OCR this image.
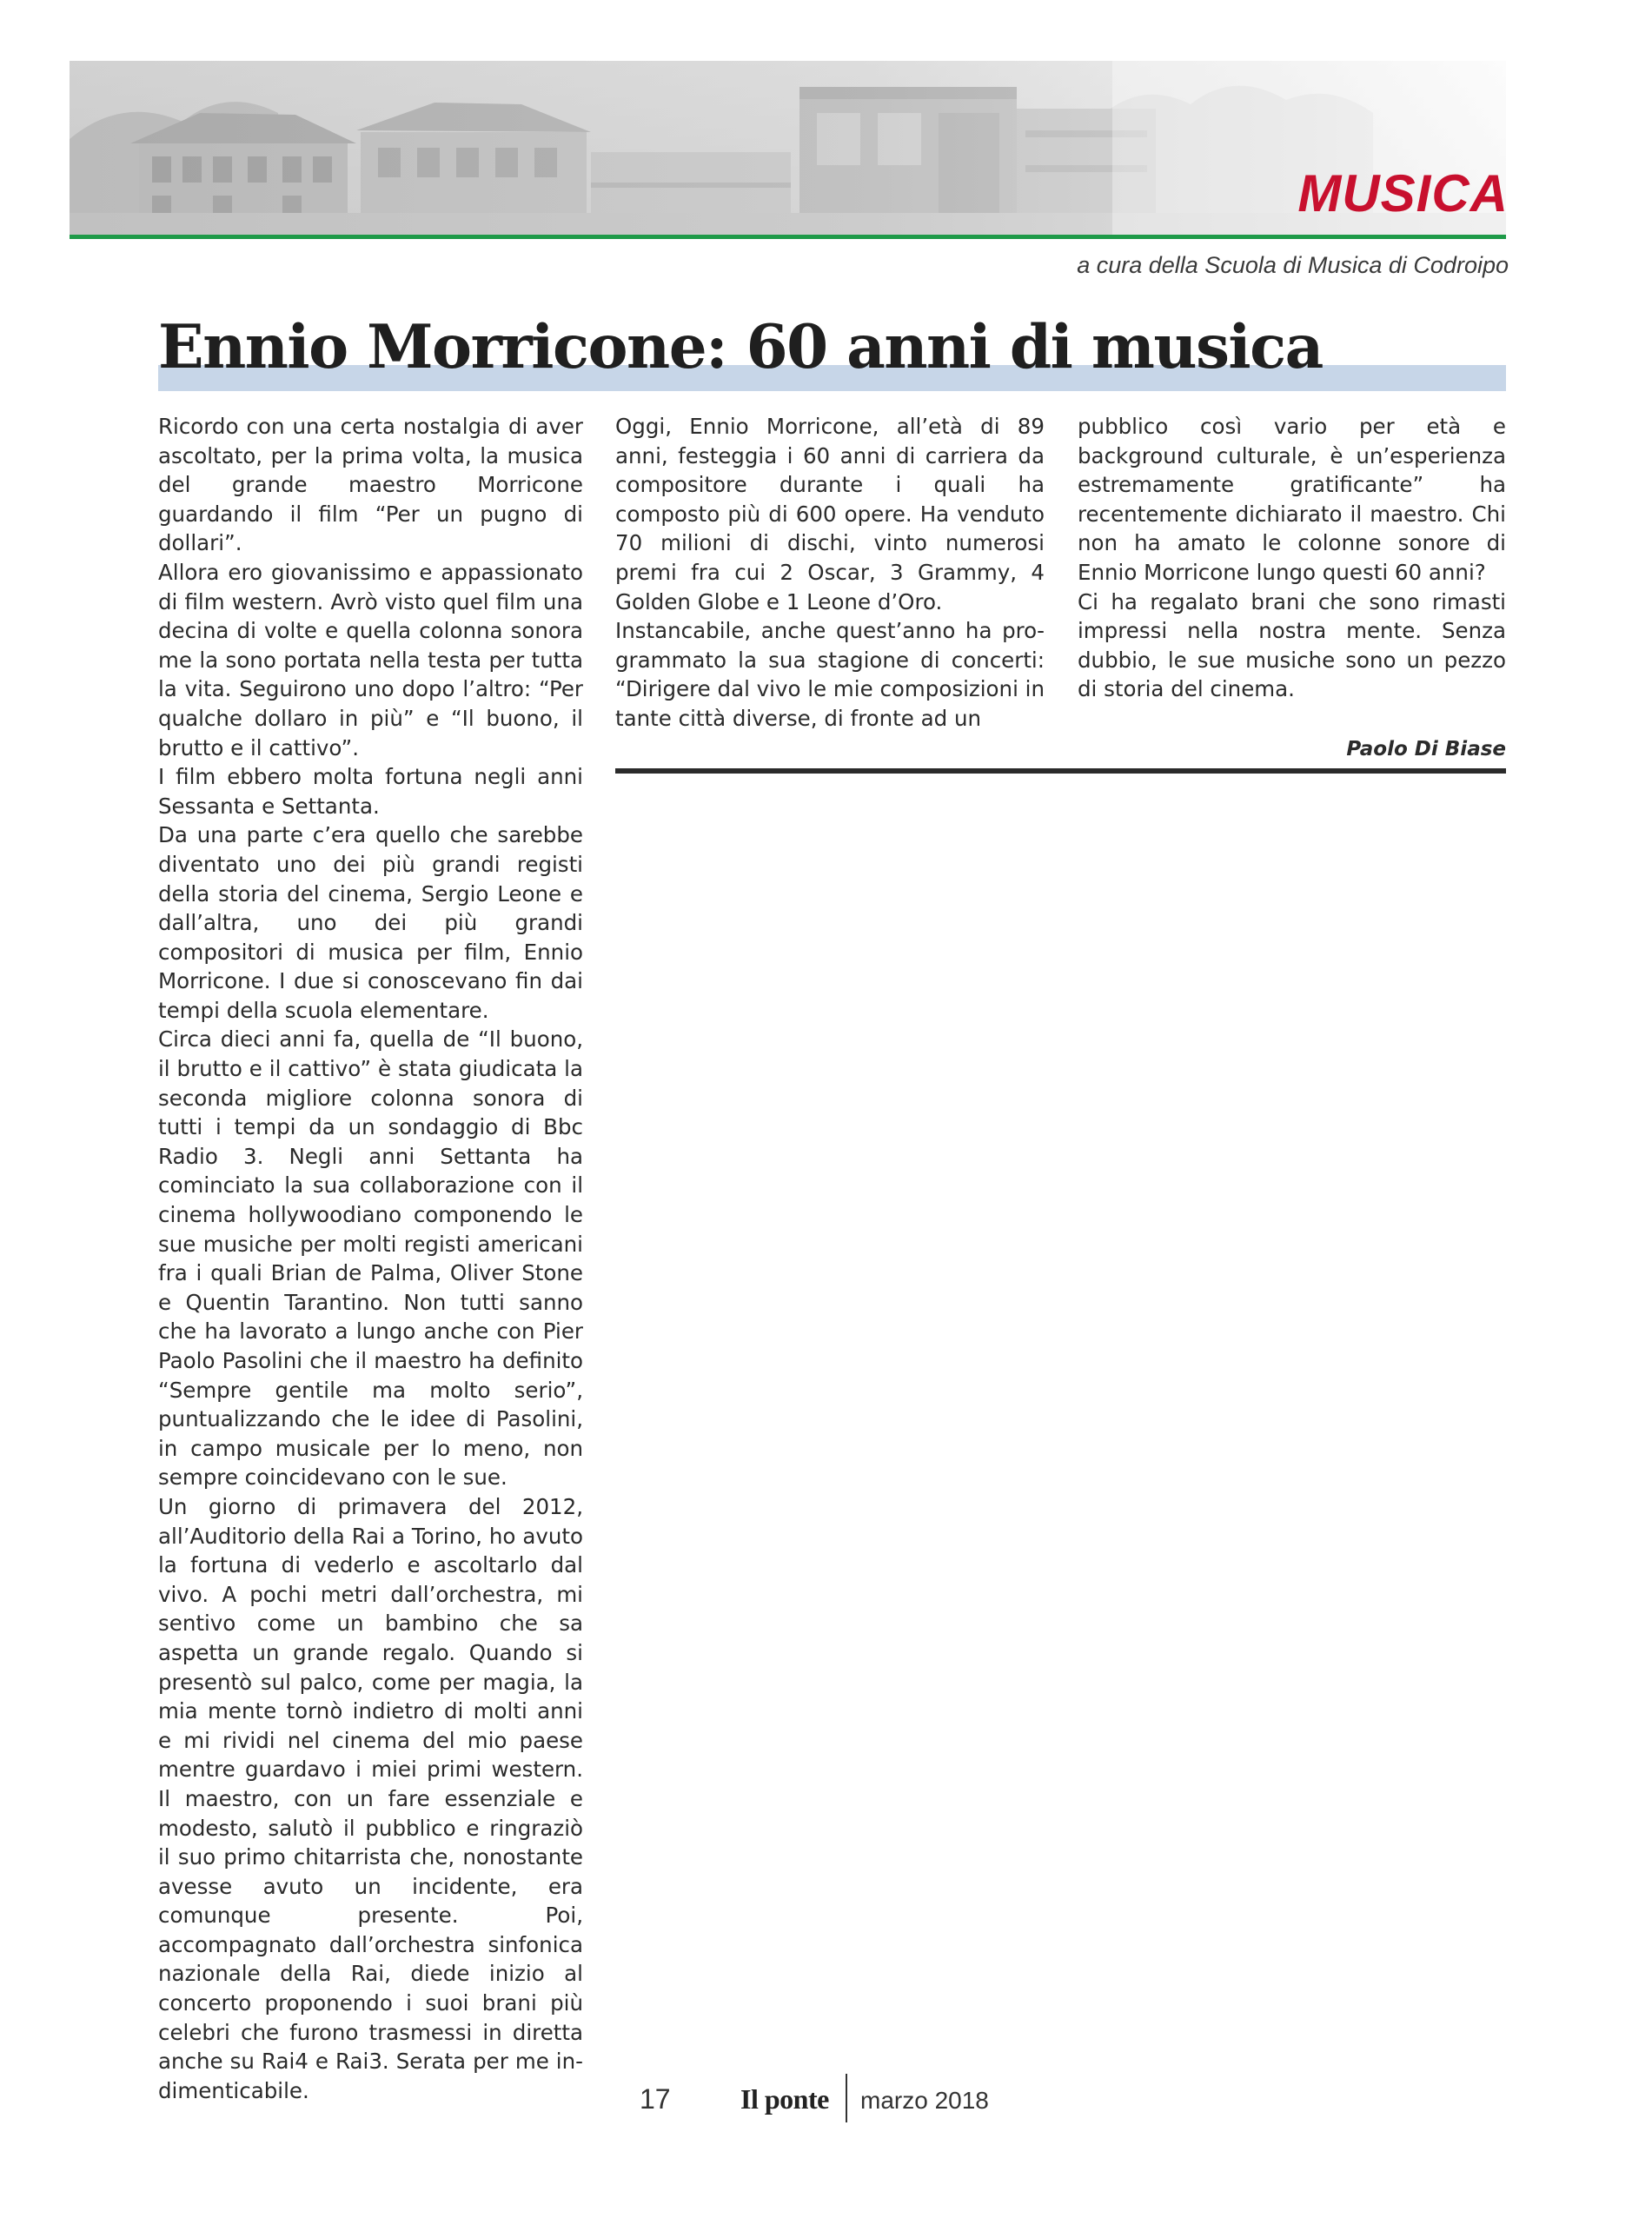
MUSICA
a cura della Scuola di Musica di Codroipo
Ennio Morricone: 60 anni di musica

Ricordo con una certa nostalgia di aver ascoltato, per la prima volta, la musica del grande maestro Morricone guardando il film “Per un pugno di dollari”.

Allora ero giovanissimo e appassionato di film western. Avrò visto quel film una decina di volte e quella colonna sonora me la sono portata nella testa per tutta la vita. Seguirono uno dopo l’altro: “Per qualche dollaro in più” e “Il buono, il brutto e il cattivo”.

I film ebbero molta fortuna negli anni Sessanta e Settanta.

Da una parte c’era quello che sarebbe diventato uno dei più grandi registi della storia del cinema, Sergio Leone e dall’altra, uno dei più grandi compositori di musica per film, Ennio Morricone. I due si conoscevano fin dai tempi della scuola elementare.

Circa dieci anni fa, quella de “Il buono, il brutto e il cattivo” è stata giudicata la seconda migliore colonna sonora di tutti i tempi da un sondaggio di Bbc Radio 3. Negli anni Settanta ha cominciato la sua collaborazione con il cinema hollywoodiano componendo le sue musiche per molti registi americani fra i quali Brian de Palma, Oliver Stone e Quentin Tarantino. Non tutti sanno che ha lavorato a lungo anche con Pier Paolo Pasolini che il maestro ha definito “Sempre gentile ma molto serio”, puntualizzando che le idee di Pasolini, in campo musicale per lo meno, non sempre coincidevano con le sue.

Un giorno di primavera del 2012, all’Auditorio della Rai a Torino, ho avuto la fortuna di vederlo e ascoltarlo dal vivo. A pochi metri dall’orchestra, mi sentivo come un bambino che sa aspetta un grande regalo. Quando si presentò sul palco, come per magia, la mia mente tornò indietro di molti anni e mi rividi nel cinema del mio paese mentre guardavo i miei primi western. Il maestro, con un fare essenziale e modesto, salutò il pubblico e ringraziò il suo primo chitarrista che, nonostante avesse avuto un incidente, era comunque presente. Poi, accompagnato dall’orchestra sinfonica nazionale della Rai, diede inizio al concerto proponendo i suoi brani più celebri che furono trasmessi in diretta anche su Rai4 e Rai3. Serata per me indimenticabile.

Oggi, Ennio Morricone, all’età di 89 anni, festeggia i 60 anni di carriera da compositore durante i quali ha composto più di 600 opere. Ha venduto 70 milioni di dischi, vinto numerosi premi fra cui 2 Oscar, 3 Grammy, 4 Golden Globe e 1 Leone d’Oro.

Instancabile, anche quest’anno ha programmato la sua stagione di concerti: “Dirigere dal vivo le mie composizioni in tante città diverse, di fronte ad un

pubblico così vario per età e background culturale, è un’esperienza estremamente gratificante” ha recentemente dichiarato il maestro. Chi non ha amato le colonne sonore di Ennio Morricone lungo questi 60 anni?

Ci ha regalato brani che sono rimasti impressi nella nostra mente. Senza dubbio, le sue musiche sono un pezzo di storia del cinema.

Paolo Di Biase
17	Il ponte marzo 2018
